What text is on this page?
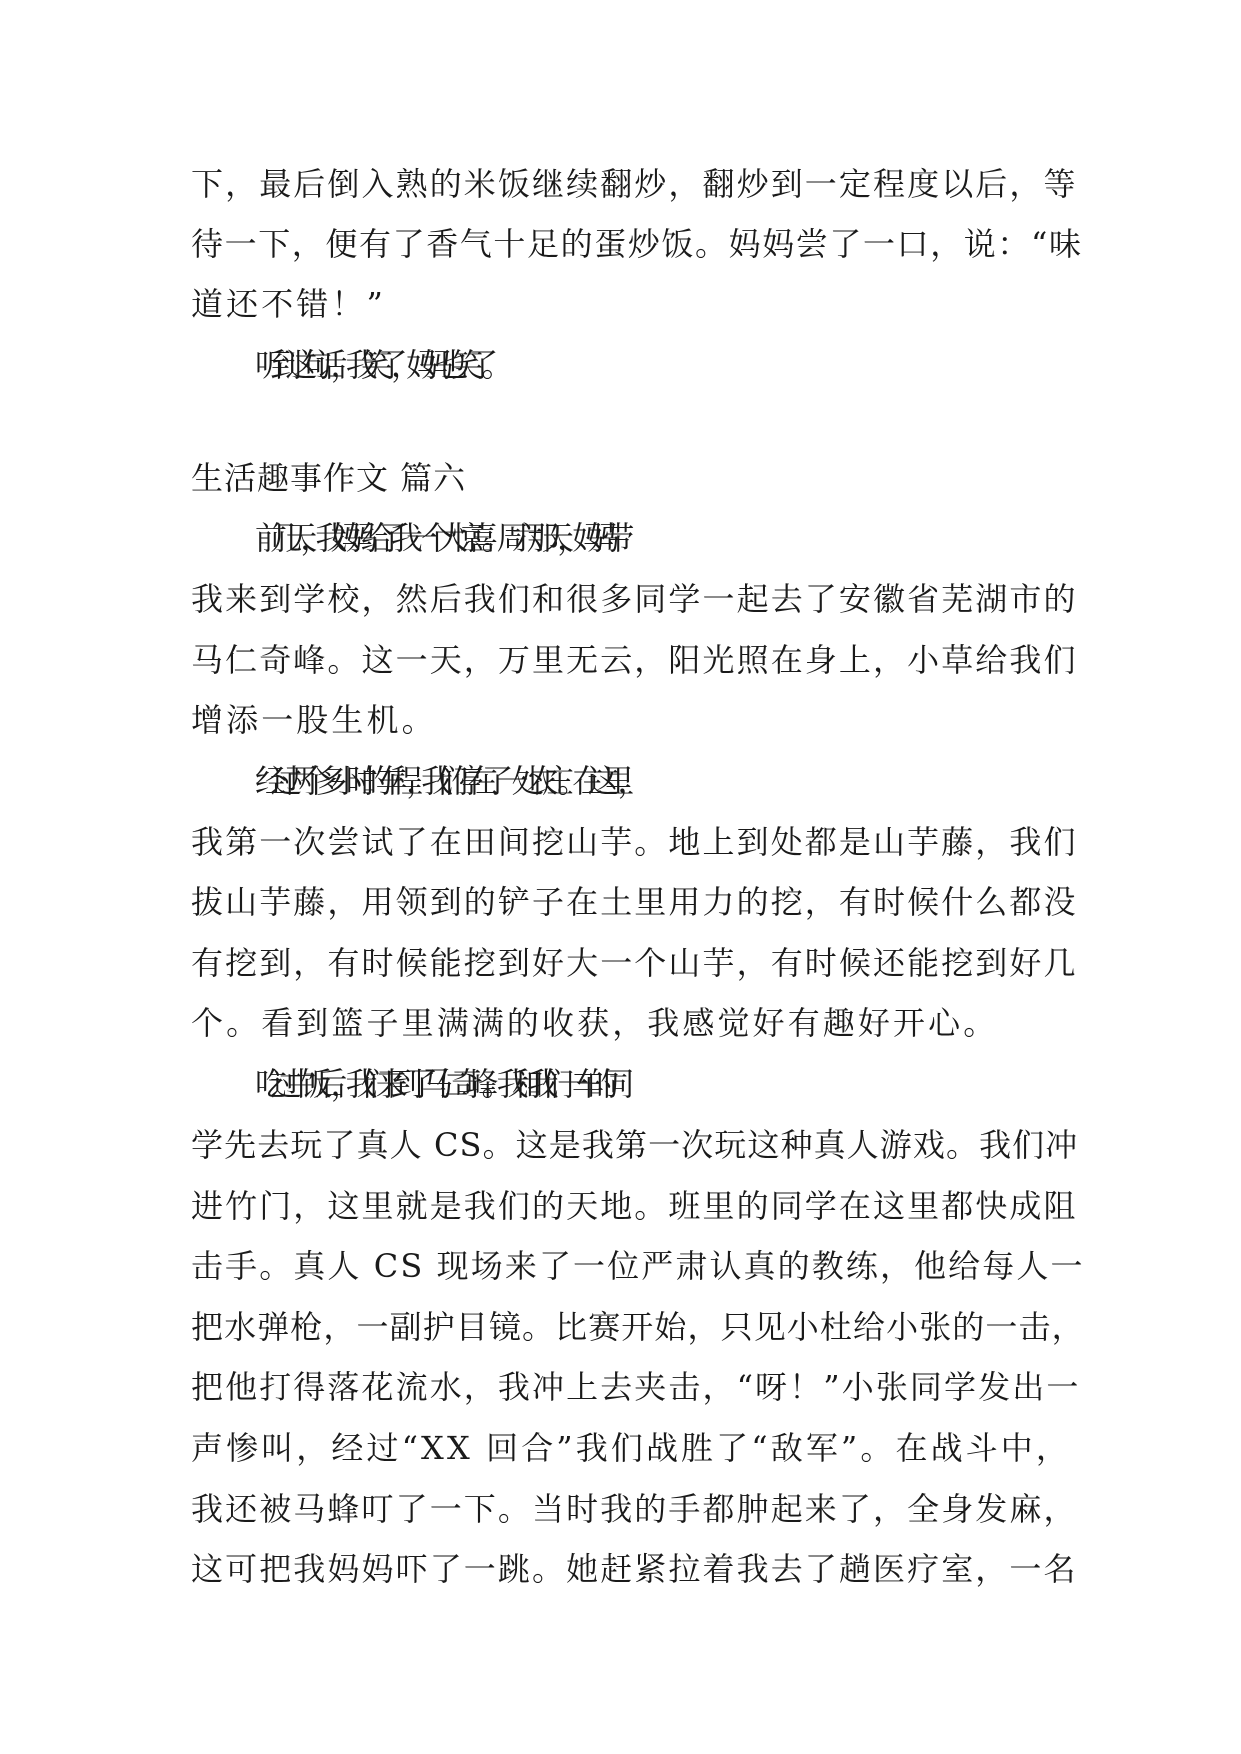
下，最后倒入熟的米饭继续翻炒，翻炒到一定程度以后，等
待一下，便有了香气十足的蛋炒饭。妈妈尝了一口，说：“味
道还不错！”
听到这句话，我笑了，妈妈也笑了。
生活趣事作文 篇六
前几天，我妈妈给了我一个大惊喜。周六那天，妈妈带
我来到学校，然后我们和很多同学一起去了安徽省芜湖市的
马仁奇峰。这一天，万里无云，阳光照在身上，小草给我们
增添一股生机。
经过两个多小时的车程，我们停在了一处农庄。在这里，
我第一次尝试了在田间挖山芋。地上到处都是山芋藤，我们
拔山芋藤，用领到的铲子在土里用力的挖，有时候什么都没
有挖到，有时候能挖到好大一个山芋，有时候还能挖到好几
个。看到篮子里满满的收获，我感觉好有趣好开心。
吃过中饭后，我们来到了马仁奇峰。我和我们一车的同
学先去玩了真人 CS。这是我第一次玩这种真人游戏。我们冲
进竹门，这里就是我们的天地。班里的同学在这里都快成阻
击手。真人 CS 现场来了一位严肃认真的教练，他给每人一
把水弹枪，一副护目镜。比赛开始，只见小杜给小张的一击，
把他打得落花流水，我冲上去夹击，“呀！”小张同学发出一
声惨叫，经过“XX 回合”我们战胜了“敌军”。在战斗中，
我还被马蜂叮了一下。当时我的手都肿起来了，全身发麻，
这可把我妈妈吓了一跳。她赶紧拉着我去了趟医疗室，一名
